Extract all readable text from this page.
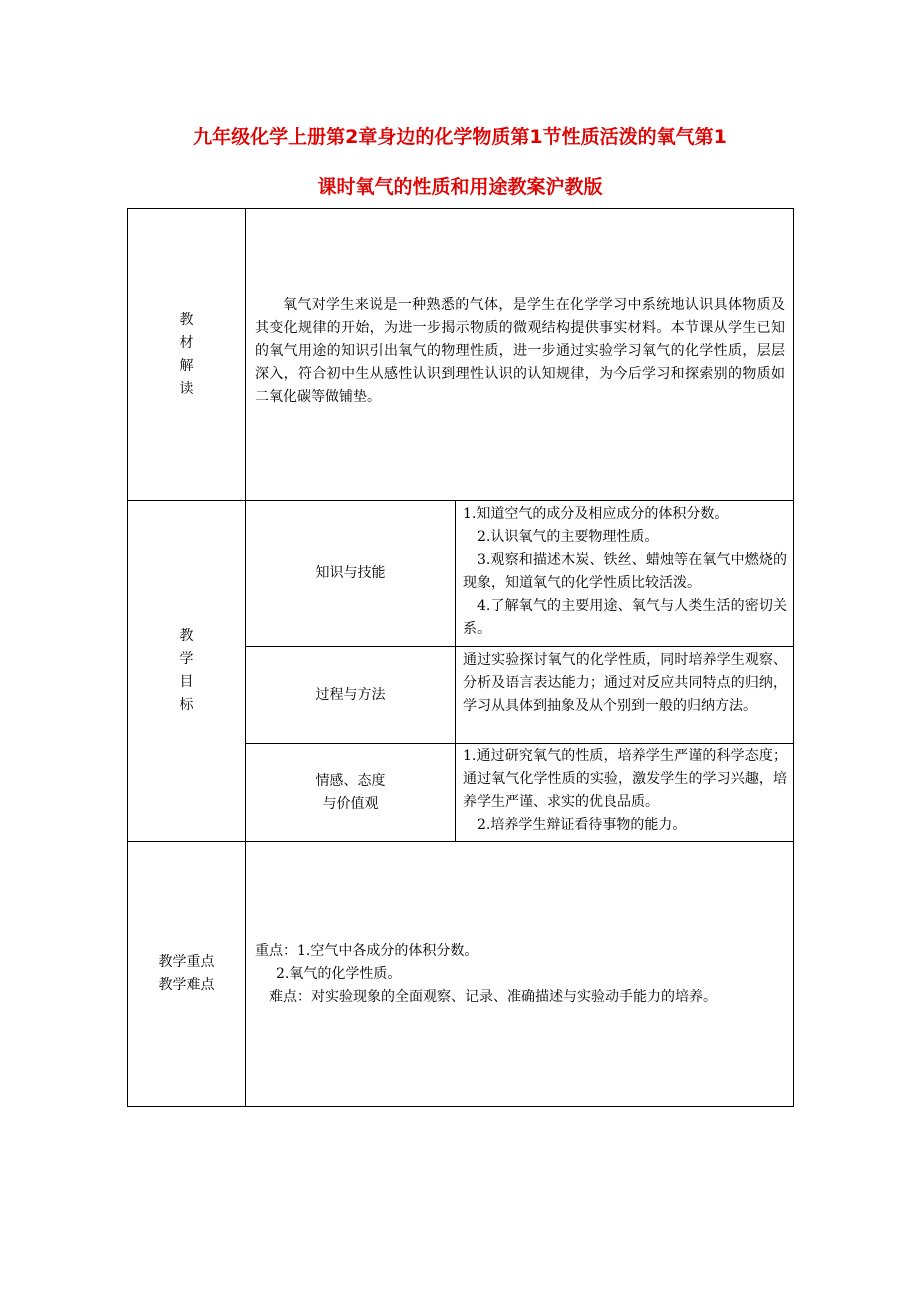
九年级化学上册第2章身边的化学物质第1节性质活泼的氧气第1
课时氧气的性质和用途教案沪教版
教
材
解
读

氧气对学生来说是一种熟悉的气体，是学生在化学学习中系统地认识具体物质及其变化规律的开始，为进一步揭示物质的微观结构提供事实材料。本节课从学生已知的氧气用途的知识引出氧气的物理性质，进一步通过实验学习氧气的化学性质，层层深入，符合初中生从感性认识到理性认识的认知规律，为今后学习和探索别的物质如二氧化碳等做铺垫。

教
学
目
标
知识与技能

1.知道空气的成分及相应成分的体积分数。

2.认识氧气的主要物理性质。

3.观察和描述木炭、铁丝、蜡烛等在氧气中燃烧的现象，知道氧气的化学性质比较活泼。

4.了解氧气的主要用途、氧气与人类生活的密切关系。

过程与方法

通过实验探讨氧气的化学性质，同时培养学生观察、分析及语言表达能力；通过对反应共同特点的归纳，学习从具体到抽象及从个别到一般的归纳方法。

情感、态度
与价值观

1.通过研究氧气的性质，培养学生严谨的科学态度；通过氧气化学性质的实验，激发学生的学习兴趣，培养学生严谨、求实的优良品质。

2.培养学生辩证看待事物的能力。

教学重点
教学难点

重点：1.空气中各成分的体积分数。

2.氧气的化学性质。

难点：对实验现象的全面观察、记录、准确描述与实验动手能力的培养。
